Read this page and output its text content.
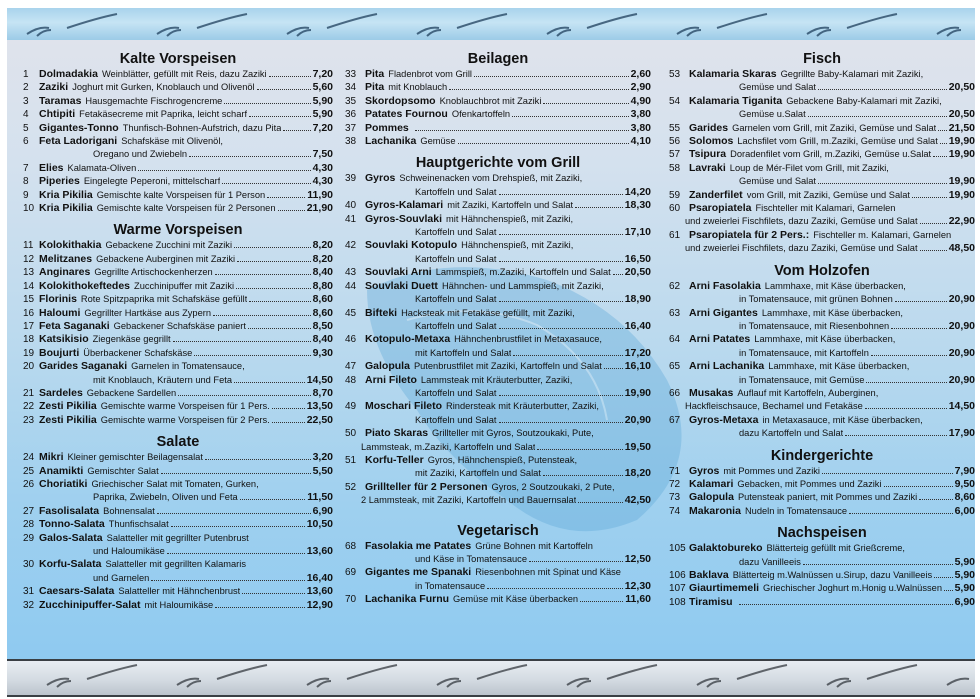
Kalte Vorspeisen
1 Dolmadakia Weinblätter, gefüllt mit Reis, dazu Zaziki	7,20
2 Zaziki Joghurt mit Gurken, Knoblauch und Olivenöl	5,60
3 Taramas Hausgemachte Fischrogencreme	5,90
4 Chtipiti Fetakäsecreme mit Paprika, leicht scharf	5,90
5 Gigantes-Tonno Thunfisch-Bohnen-Aufstrich, dazu Pita	7,20
6 Feta Ladorigani Schafskäse mit Olivenöl,
Oregano und Zwiebeln	7,50
7 Elies Kalamata-Oliven	4,30
8 Piperies Eingelegte Peperoni, mittelscharf	4,30
9 Kria Pikilia Gemischte kalte Vorspeisen für 1 Person	11,90
10 Kria Pikilia Gemischte kalte Vorspeisen für 2 Personen	21,90
Warme Vorspeisen
11 Kolokithakia Gebackene Zucchini mit Zaziki	8,20
12 Melitzanes Gebackene Auberginen mit Zaziki	8,20
13 Anginares Gegrillte Artischockenherzen	8,40
14 Kolokithokeftedes Zucchinipuffer mit Zaziki	8,80
15 Florinis Rote Spitzpaprika mit Schafskäse gefüllt	8,60
16 Haloumi Gegrillter Hartkäse aus Zypern	8,60
17 Feta Saganaki Gebackener Schafskäse paniert	8,50
18 Katsikisio Ziegenkäse gegrillt	8,40
19 Boujurti Überbackener Schafskäse	9,30
20 Garides Saganaki Garnelen in Tomatensauce,
mit Knoblauch, Kräutern und Feta	14,50
21 Sardeles Gebackene Sardellen	8,70
22 Zesti Pikilia Gemischte warme Vorspeisen für 1 Pers.	13,50
23 Zesti Pikilia Gemischte warme Vorspeisen für 2 Pers.	22,50
Salate
24 Mikri Kleiner gemischter Beilagensalat	3,20
25 Anamikti Gemischter Salat	5,50
26 Choriatiki Griechischer Salat mit Tomaten, Gurken,
Paprika, Zwiebeln, Oliven und Feta	11,50
27 Fasolisalata Bohnensalat	6,90
28 Tonno-Salata Thunfischsalat	10,50
29 Galos-Salata Salatteller mit gegrillter Putenbrust
und Haloumikäse	13,60
30 Korfu-Salata Salatteller mit gegrillten Kalamaris
und Garnelen	16,40
31 Caesars-Salata Salatteller mit Hähnchenbrust	13,60
32 Zucchinipuffer-Salat mit Haloumikäse	12,90
Beilagen
33 Pita Fladenbrot vom Grill	2,60
34 Pita mit Knoblauch	2,90
35 Skordopsomo Knoblauchbrot mit Zaziki	4,90
36 Patates Fournou Ofenkartoffeln	3,80
37 Pommes	3,80
38 Lachanika Gemüse	4,10
Hauptgerichte vom Grill
39 Gyros Schweinenacken vom Drehspieß, mit Zaziki,
Kartoffeln und Salat	14,20
40 Gyros-Kalamari mit Zaziki, Kartoffeln und Salat	18,30
41 Gyros-Souvlaki mit Hähnchenspieß, mit Zaziki,
Kartoffeln und Salat	17,10
42 Souvlaki Kotopulo Hähnchenspieß, mit Zaziki,
Kartoffeln und Salat	16,50
43 Souvlaki Arni Lammspieß, m.Zaziki, Kartoffeln und Salat 20,50
44 Souvlaki Duett Hähnchen- und Lammspieß, mit Zaziki,
Kartoffeln und Salat	18,90
45 Bifteki Hacksteak mit Fetakäse gefüllt, mit Zaziki,
Kartoffeln und Salat	16,40
46 Kotopulo-Metaxa Hähnchenbrustfilet in Metaxasauce,
mit Kartoffeln und Salat	17,20
47 Galopula Putenbrustfilet mit Zaziki, Kartoffeln und Salat 16,10
48 Arni Fileto Lammsteak mit Kräuterbutter, Zaziki,
Kartoffeln und Salat	19,90
49 Moschari Fileto Rindersteak mit Kräuterbutter, Zaziki,
Kartoffeln und Salat	20,90
50 Piato Skaras Grillteller mit Gyros, Soutzoukaki, Pute,
Lammsteak, m.Zaziki, Kartoffeln und Salat	19,50
51 Korfu-Teller Gyros, Hähnchenspieß, Putensteak,
mit Zaziki, Kartoffeln und Salat	18,20
52 Grillteller für 2 Personen Gyros, 2 Soutzoukaki, 2 Pute,
2 Lammsteak, mit Zaziki, Kartoffeln und Bauernsalat	42,50
Vegetarisch
68 Fasolakia me Patates Grüne Bohnen mit Kartoffeln
und Käse in Tomatensauce	12,50
69 Gigantes me Spanaki Riesenbohnen mit Spinat und Käse
in Tomatensauce	12,30
70 Lachanika Furnu Gemüse mit Käse überbacken	11,60
Fisch
53 Kalamaria Skaras Gegrillte Baby-Kalamari mit Zaziki,
Gemüse und Salat	20,50
54 Kalamaria Tiganita Gebackene Baby-Kalamari mit Zaziki,
Gemüse u.Salat	20,50
55 Garides Garnelen vom Grill, mit Zaziki, Gemüse und Salat 21,50
56 Solomos Lachsfilet vom Grill, m.Zaziki, Gemüse und Salat 19,90
57 Tsipura Doradenfilet vom Grill, m.Zaziki, Gemüse u.Salat 19,90
58 Lavraki Loup de Mér-Filet vom Grill, mit Zaziki,
Gemüse und Salat	19,90
59 Zanderfilet vom Grill, mit Zaziki, Gemüse und Salat	19,90
60 Psaropiatela Fischteller mit Kalamari, Garnelen
und zweierlei Fischfilets, dazu Zaziki, Gemüse und Salat	22,90
61 Psaropiatela für 2 Pers.: Fischteller m. Kalamari, Garnelen
und zweierlei Fischfilets, dazu Zaziki, Gemüse und Salat	48,50
Vom Holzofen
62 Arni Fasolakia Lammhaxe, mit Käse überbacken,
in Tomatensauce, mit grünen Bohnen	20,90
63 Arni Gigantes Lammhaxe, mit Käse überbacken,
in Tomatensauce, mit Riesenbohnen	20,90
64 Arni Patates Lammhaxe, mit Käse überbacken,
in Tomatensauce, mit Kartoffeln	20,90
65 Arni Lachanika Lammhaxe, mit Käse überbacken,
in Tomatensauce, mit Gemüse	20,90
66 Musakas Auflauf mit Kartoffeln, Auberginen,
Hackfleischsauce, Bechamel und Fetakäse	14,50
67 Gyros-Metaxa in Metaxasauce, mit Käse überbacken,
dazu Kartoffeln und Salat	17,90
Kindergerichte
71 Gyros mit Pommes und Zaziki	7,90
72 Kalamari Gebacken, mit Pommes und Zaziki	9,50
73 Galopula Putensteak paniert, mit Pommes und Zaziki	8,60
74 Makaronia Nudeln in Tomatensauce	6,00
Nachspeisen
105 Galaktobureko Blätterteig gefüllt mit Grießcreme,
dazu Vanilleeis	5,90
106 Baklava Blätterteig m.Walnüssen u.Sirup, dazu Vanilleeis 5,90
107 Giaurtimemeli Griechischer Joghurt m.Honig u.Walnüssen 5,90
108 Tiramisu	6,90
